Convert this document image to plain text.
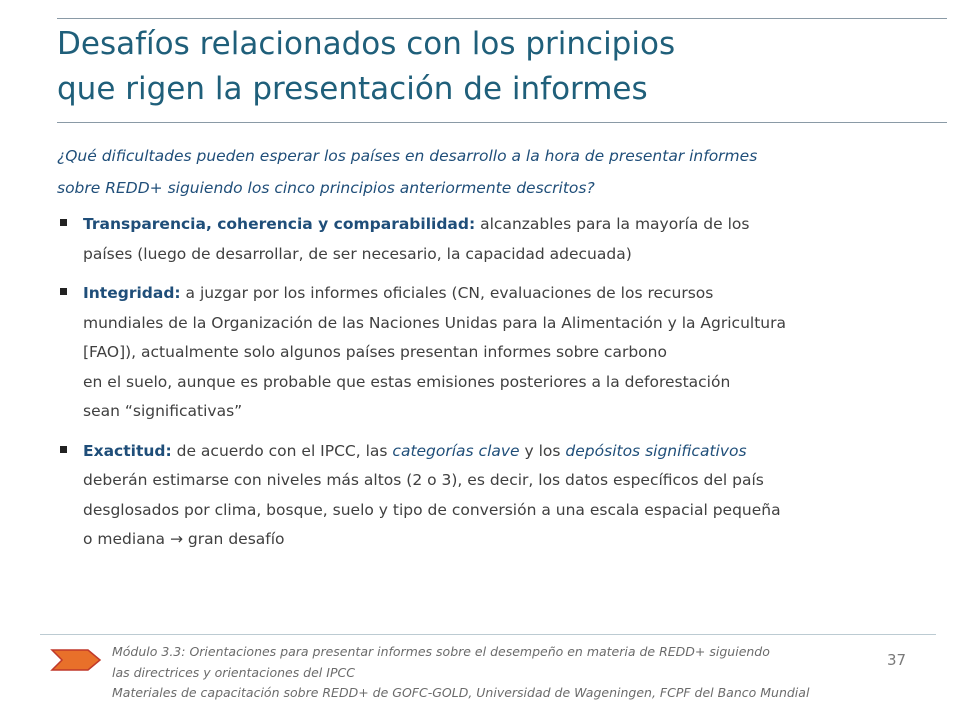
Desafíos relacionados con los principios
que rigen la presentación de informes
¿Qué dificultades pueden esperar los países en desarrollo a la hora de presentar informes
sobre REDD+ siguiendo los cinco principios anteriormente descritos?
Transparencia, coherencia y comparabilidad: alcanzables para la mayoría de los
países (luego de desarrollar, de ser necesario, la capacidad adecuada)
Integridad: a juzgar por los informes oficiales (CN, evaluaciones de los recursos
mundiales de la Organización de las Naciones Unidas para la Alimentación y la Agricultura
[FAO]), actualmente solo algunos países presentan informes sobre carbono
en el suelo, aunque es probable que estas emisiones posteriores a la deforestación
sean “significativas”
Exactitud: de acuerdo con el IPCC, las categorías clave y los depósitos significativos
deberán estimarse con niveles más altos (2 o 3), es decir, los datos específicos del país
desglosados por clima, bosque, suelo y tipo de conversión a una escala espacial pequeña
o mediana → gran desafío
Módulo 3.3: Orientaciones para presentar informes sobre el desempeño en materia de REDD+ siguiendo
las directrices y orientaciones del IPCC
Materiales de capacitación sobre REDD+ de GOFC-GOLD, Universidad de Wageningen, FCPF del Banco Mundial
37
